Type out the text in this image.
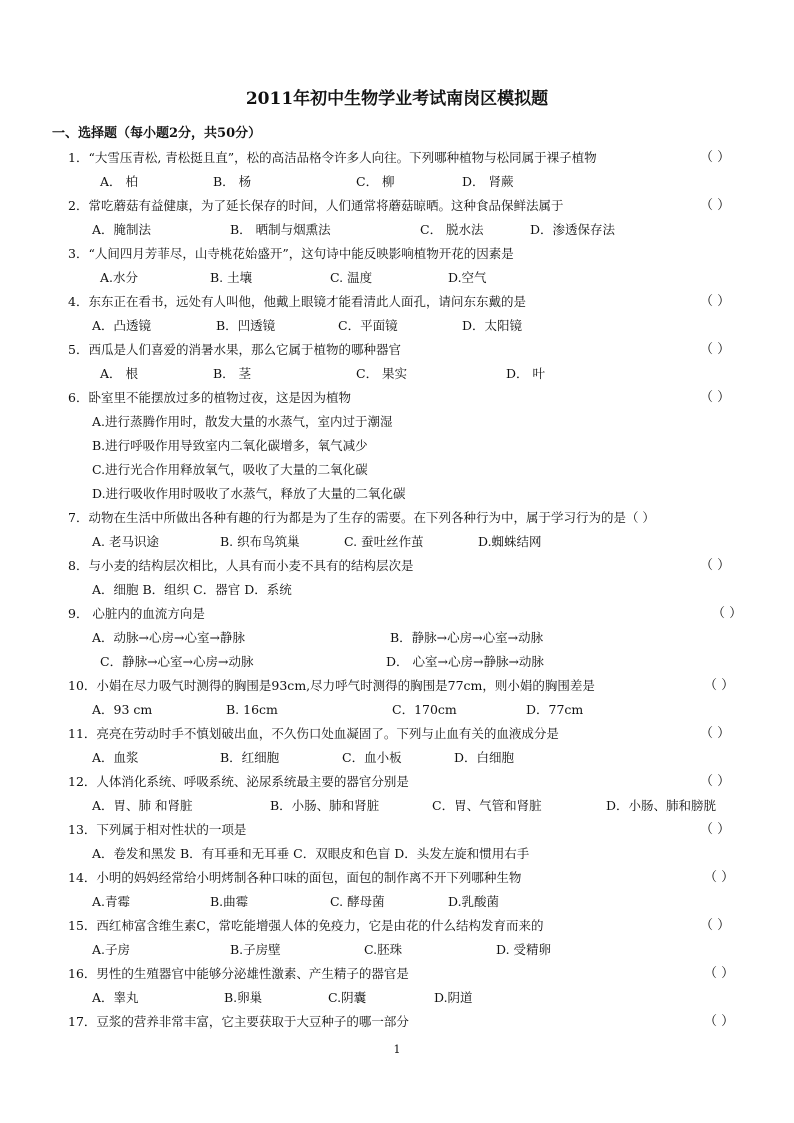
2011年初中生物学业考试南岗区模拟题
一、选择题（每小题2分，共50分）
1．“大雪压青松, 青松挺且直”，松的高洁品格令许多人向往。下列哪种植物与松同属于裸子植物	（ ）
A． 柏	B． 杨	C． 柳	D． 肾蕨
2．常吃蘑菇有益健康，为了延长保存的时间，人们通常将蘑菇晾晒。这种食品保鲜法属于	（ ）
A．腌制法	B． 晒制与烟熏法	C． 脱水法	D．渗透保存法
3．“人间四月芳菲尽，山寺桃花始盛开”，这句诗中能反映影响植物开花的因素是
A.水分	B. 土壤	C. 温度	D.空气
4．东东正在看书，远处有人叫他，他戴上眼镜才能看清此人面孔，请问东东戴的是	（ ）
A．凸透镜	B．凹透镜	C．平面镜	D．太阳镜
5．西瓜是人们喜爱的消暑水果，那么它属于植物的哪种器官	（ ）
A． 根	B． 茎	C． 果实	D． 叶
6．卧室里不能摆放过多的植物过夜，这是因为植物	（ ）
A.进行蒸腾作用时，散发大量的水蒸气，室内过于潮湿
B.进行呼吸作用导致室内二氧化碳增多，氧气减少
C.进行光合作用释放氧气，吸收了大量的二氧化碳
D.进行吸收作用时吸收了水蒸气，释放了大量的二氧化碳
7．动物在生活中所做出各种有趣的行为都是为了生存的需要。在下列各种行为中，属于学习行为的是（ ）
A. 老马识途	B. 织布鸟筑巢	C. 蚕吐丝作茧	D.蜘蛛结网
8．与小麦的结构层次相比，人具有而小麦不具有的结构层次是	（ ）
A．细胞 B．组织 C．器官 D．系统
9． 心脏内的血流方向是	（ ）
A．动脉→心房→心室→静脉	B．静脉→心房→心室→动脉
C．静脉→心室→心房→动脉	D． 心室→心房→静脉→动脉
10．小娟在尽力吸气时测得的胸围是93cm,尽力呼气时测得的胸围是77cm，则小娟的胸围差是	（ ）
A．93 cm	B. 16cm	C．170cm	D．77cm
11．亮亮在劳动时手不慎划破出血，不久伤口处血凝固了。下列与止血有关的血液成分是	（ ）
A．血浆	B．红细胞	C．血小板	D．白细胞
12．人体消化系统、呼吸系统、泌尿系统最主要的器官分别是	（ ）
A．胃、肺 和肾脏	B．小肠、肺和肾脏	C．胃、气管和肾脏	D．小肠、肺和膀胱
13．下列属于相对性状的一项是	（ ）
A．卷发和黑发 B．有耳垂和无耳垂 C．双眼皮和色盲 D．头发左旋和惯用右手
14．小明的妈妈经常给小明烤制各种口味的面包，面包的制作离不开下列哪种生物	（ ）
A.青霉	B.曲霉	C. 酵母菌	D.乳酸菌
15．西红柿富含维生素C，常吃能增强人体的免疫力，它是由花的什么结构发育而来的	（ ）
A.子房	B.子房壁	C.胚珠	D. 受精卵
16．男性的生殖器官中能够分泌雄性激素、产生精子的器官是	（ ）
A．睾丸	B.卵巢	C.阴囊	D.阴道
17．豆浆的营养非常丰富，它主要获取于大豆种子的哪一部分	（ ）
1
